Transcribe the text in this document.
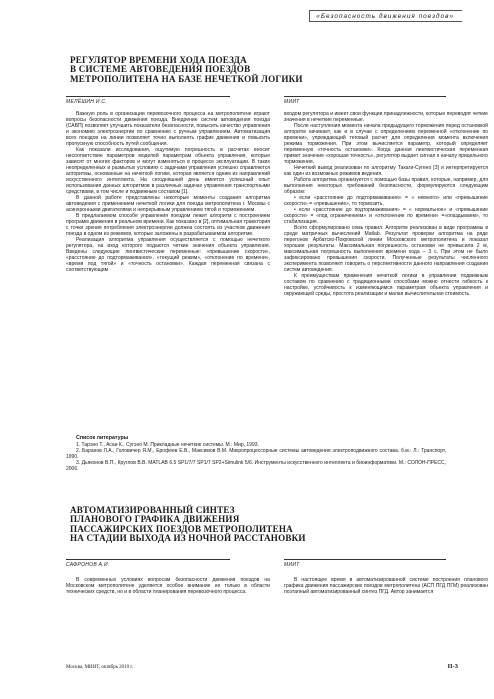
«Безопасность движения поездов»
РЕГУЛЯТОР ВРЕМЕНИ ХОДА ПОЕЗДА
В СИСТЕМЕ АВТОВЕДЕНИЯ ПОЕЗДОВ
МЕТРОПОЛИТЕНА НА БАЗЕ НЕЧЕТКОЙ ЛОГИКИ
МЕЛЁШИН И.С.	МИИТ

Важную роль в организации перевозочного процесса на метрополитене играют вопросы безопасности движения поезда. Внедрение систем автоведения поезда (САВП) позволяет улучшить показатели безопасности, повысить качество управления и экономию электроэнергии по сравнению с ручным управлением. Автоматизация всех поездов на линии позволяет точно выполнять график движения и повысить пропускную способность путей сообщения.

Как показали исследования, ощутимую погрешность в расчетах вносит несоответствие параметров моделей параметрам объекта управления, которые зависят от многих факторов и могут изменяться в процессе эксплуатации. В таких неопределенных и размытых условиях с задачами управления успешно справляются алгоритмы, основанные на нечеткой логике, которая является одним из направлений искусственного интеллекта. На сегодняшний день имеется успешный опыт использования данных алгоритмов в различных задачах управления транспортными средствами, в том числе и подвижным составом [1].

В данной работе представлены некоторые моменты создания алгоритма автоведения с применением нечеткой логики для поезда метрополитена г. Москвы с асинхронными двигателями и непрерывным управлением тягой и торможением.

В предлагаемом способе управления поездом лежит алгоритм с построением программ движения в реальном времени. Как показано в [2], оптимальная траектория с точки зрения потребления электроэнергии должна состоять из участков движения поезда в одном из режимов, которые заложены в разрабатываемом алгоритме.

Реализация алгоритма управления осуществляется с помощью нечеткого регулятора, на вход которого подаются четкие значения объекта управления. Введены следующие лингвистические переменные: «превышение скорости», «расстояние до подтормаживания», «текущий режим», «отклонение по времени», «время под тягой» и «точность остановки». Каждая переменная связана с соответствующим

входом регулятора и имеет свои функции принадлежности, которые переводят четкие значения в нечеткие переменные.

После наступления момента начала предыдущего торможения перед остановкой алгоритм начинает, как и в случае с определением переменной «отклонение по времени», упреждающий теговый расчет для определения момента включения режима торможения. При этом вычисляется параметр, который определяет переменную «точность остановки». Когда данная лингвистическая переменная примет значение «хорошая точность», регулятор выдает сигнал к началу прицельного торможения.

Нечеткий вывод реализован по алгоритму Такаги-Сугено [3] и интерпретируется как один из возможных режимов ведения.

Работа алгоритма организуется с помощью базы правил, которые, например, для выполнения некоторых требований безопасности, формулируются следующим образом:

• если «расстояние до подтормаживания» = « немного» или «превышение скорости» = «превышение», то тормозить,

• если «расстояние до подтормаживания» = « нормальное» и «превышение скорости» = «под ограничением» и «отклонение по времени» =«опаздываем», то стабилизация.

Всего сформулировано семь правил. Алгоритм реализован в виде программы в среде матричных вычислений Matlab. Результат проверки алгоритма на ряде перегонов Арбатско-Покровской линии Московского метрополитена и показал хорошие результаты. Максимальная погрешность остановки не превысила 2 м, максимальная погрешность выполнения времени хода – 3 с. При этом не было зафиксировано превышения скорости. Полученные результаты численного эксперимента позволяют говорить о перспективности данного направления создания систем автоведения.

К преимуществам применения нечеткой логики в управлении подвижным составом по сравнению с традиционными способами можно отнести гибкость к настройке, устойчивость к изменяющимся параметрам объекта управления и окружающей среды, простота реализации и малая вычислительная стоимость.

Список литературы

1. Тарэно Т., Асаи К., Сугэно М. Прикладные нечеткие системы. М.: Мир, 1993.

2. Баранов Л.А., Головичер Я.М., Ерофеев Е.В., Максимов В.М. Микропроцессорные системы автоведения электроподвижного состава. б.м.: Л.: Транспорт, 1990.

3. Дьяконов В.П., Круглов В.В. MATLAB 6.5 SP1/7/7 SP1/7 SP2+Simulink 5/6. Инструменты искусственного интеллекта и биоинформатики. М.: СОЛОН-ПРЕСС, 2006.

АВТОМАТИЗИРОВАННЫЙ СИНТЕЗ
ПЛАНОВОГО ГРАФИКА ДВИЖЕНИЯ
ПАССАЖИРСКИХ ПОЕЗДОВ МЕТРОПОЛИТЕНА
НА СТАДИИ ВЫХОДА ИЗ НОЧНОЙ РАССТАНОВКИ
САФРОНОВ А.И.	МИИТ

В современных условиях вопросам безопасности движения поездов на Московском метрополитене уделяется особое внимание не только в области технических средств, но и в области планирования перевозочного процесса.

В настоящее время в автоматизированной системе построения планового графика движения пассажирских поездов метрополитена (АСП ПГД ПГМ) реализован поэтапный автоматизированный синтез ПГД. Автор занимается

Москва, МИИТ, октябрь 2010 г.	II-3
